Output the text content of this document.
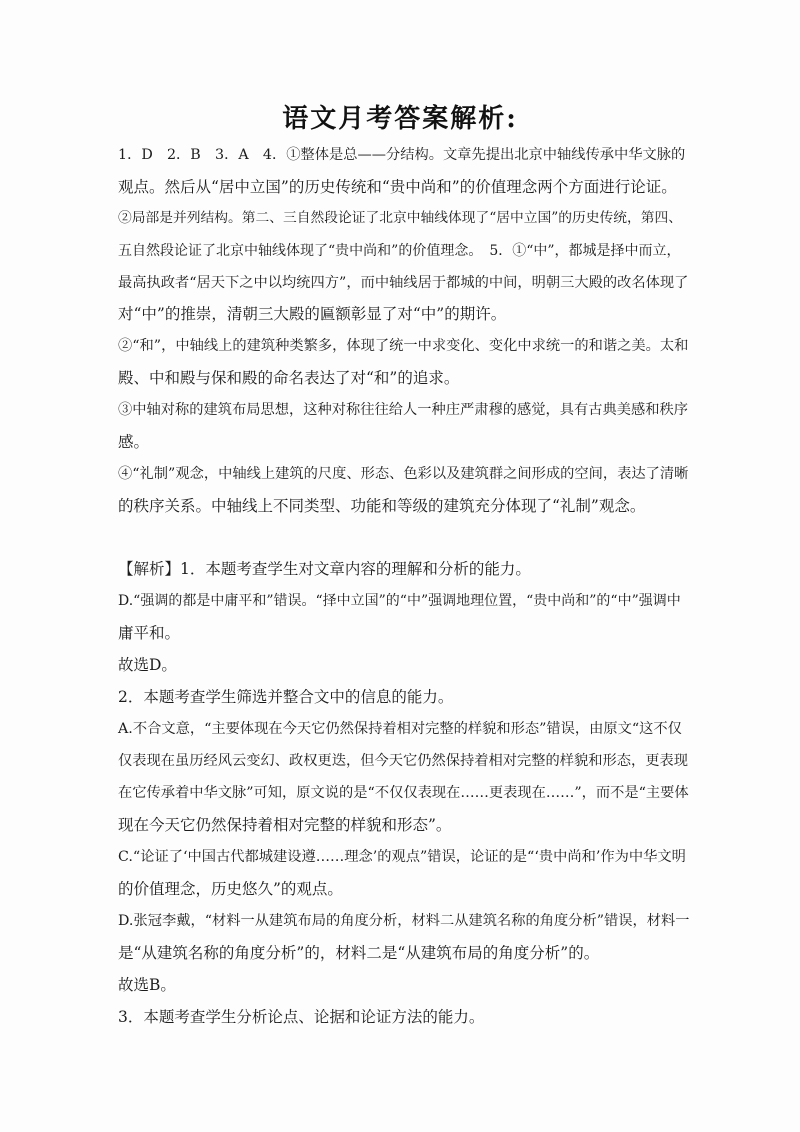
语文月考答案解析:
1．D　2．B　3．A　4．①整体是总——分结构。文章先提出北京中轴线传承中华文脉的
观点。然后从“居中立国”的历史传统和“贵中尚和”的价值理念两个方面进行论证。
②局部是并列结构。第二、三自然段论证了北京中轴线体现了“居中立国”的历史传统，第四、
五自然段论证了北京中轴线体现了“贵中尚和”的价值理念。　5．①“中”，都城是择中而立，
最高执政者“居天下之中以均统四方”，而中轴线居于都城的中间，明朝三大殿的改名体现了
对“中”的推崇，清朝三大殿的匾额彰显了对“中”的期许。
②“和”，中轴线上的建筑种类繁多，体现了统一中求变化、变化中求统一的和谐之美。太和
殿、中和殿与保和殿的命名表达了对“和”的追求。
③中轴对称的建筑布局思想，这种对称往往给人一种庄严肃穆的感觉，具有古典美感和秩序
感。
④“礼制”观念，中轴线上建筑的尺度、形态、色彩以及建筑群之间形成的空间，表达了清晰
的秩序关系。中轴线上不同类型、功能和等级的建筑充分体现了“礼制”观念。
【解析】1．本题考查学生对文章内容的理解和分析的能力。
D.“强调的都是中庸平和”错误。“择中立国”的“中”强调地理位置，“贵中尚和”的“中”强调中
庸平和。
故选D。
2．本题考查学生筛选并整合文中的信息的能力。
A.不合文意，“主要体现在今天它仍然保持着相对完整的样貌和形态”错误，由原文“这不仅
仅表现在虽历经风云变幻、政权更迭，但今天它仍然保持着相对完整的样貌和形态，更表现
在它传承着中华文脉”可知，原文说的是“不仅仅表现在……更表现在……”，而不是“主要体
现在今天它仍然保持着相对完整的样貌和形态”。
C.“论证了‘中国古代都城建设遵……理念’的观点”错误，论证的是“‘贵中尚和’作为中华文明
的价值理念，历史悠久”的观点。
D.张冠李戴，“材料一从建筑布局的角度分析，材料二从建筑名称的角度分析”错误，材料一
是“从建筑名称的角度分析”的，材料二是“从建筑布局的角度分析”的。
故选B。
3．本题考查学生分析论点、论据和论证方法的能力。
